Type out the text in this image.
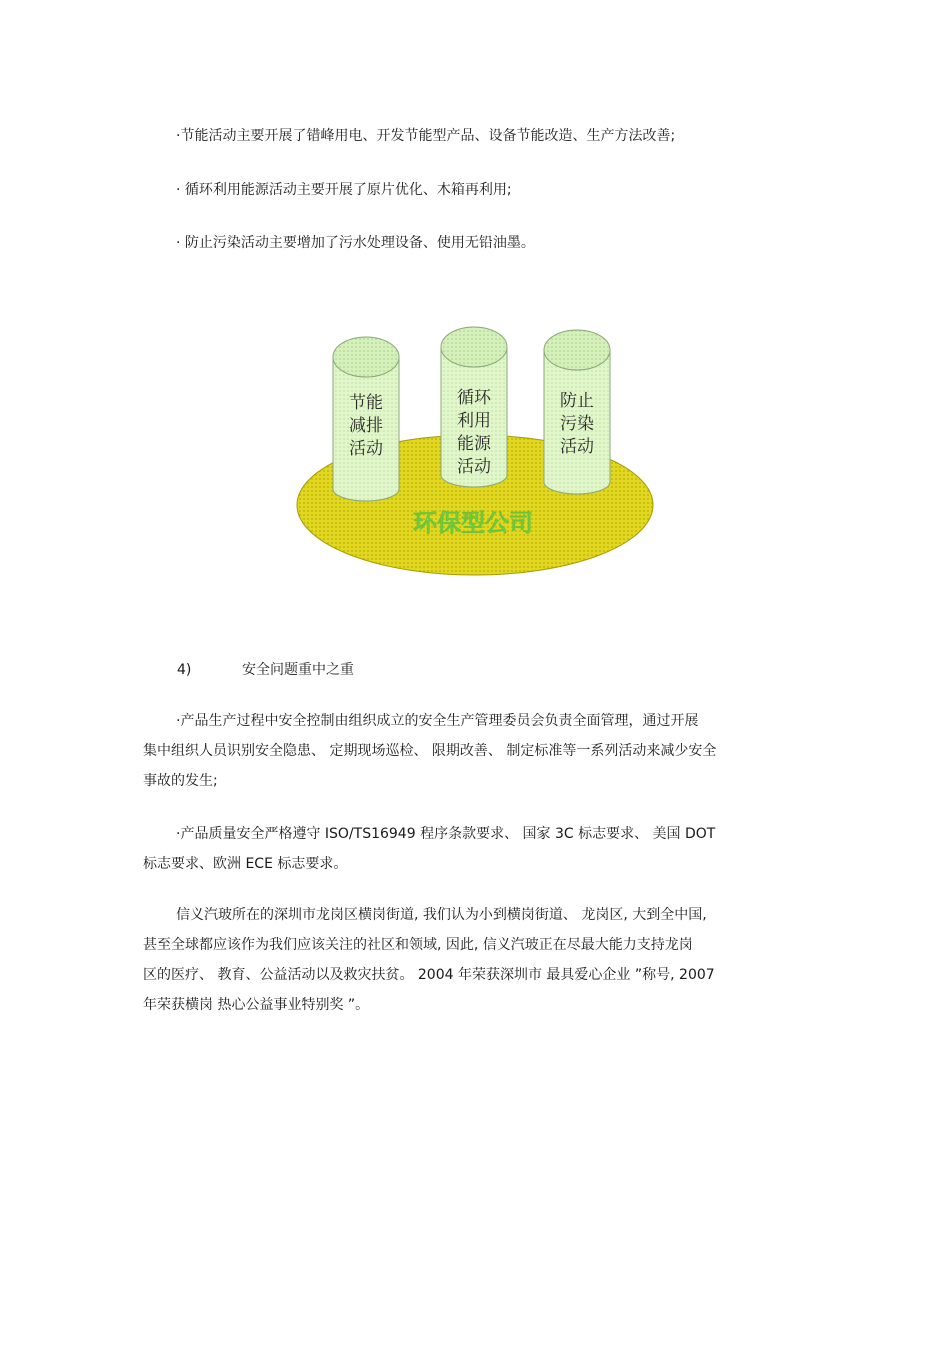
·节能活动主要开展了错峰用电、开发节能型产品、设备节能改造、生产方法改善;
· 循环利用能源活动主要开展了原片优化、木箱再利用;
· 防止污染活动主要增加了污水处理设备、使用无铅油墨。
节能
减排
活动
循环
利用
能源
活动
防止
污染
活动
环保型公司
4)	安全问题重中之重
·产品生产过程中安全控制由组织成立的安全生产管理委员会负责全面管理，通过开展
集中组织人员识别安全隐患、 定期现场巡检、 限期改善、 制定标准等一系列活动来减少安全
事故的发生;
·产品质量安全严格遵守 ISO/TS16949 程序条款要求、 国家 3C 标志要求、 美国 DOT
标志要求、欧洲 ECE 标志要求。
信义汽玻所在的深圳市龙岗区横岗街道, 我们认为小到横岗街道、 龙岗区, 大到全中国,
甚至全球都应该作为我们应该关注的社区和领域, 因此, 信义汽玻正在尽最大能力支持龙岗
区的医疗、 教育、公益活动以及救灾扶贫。 2004 年荣获深圳市 最具爱心企业 ”称号, 2007
年荣获横岗 热心公益事业特别奖 ”。
